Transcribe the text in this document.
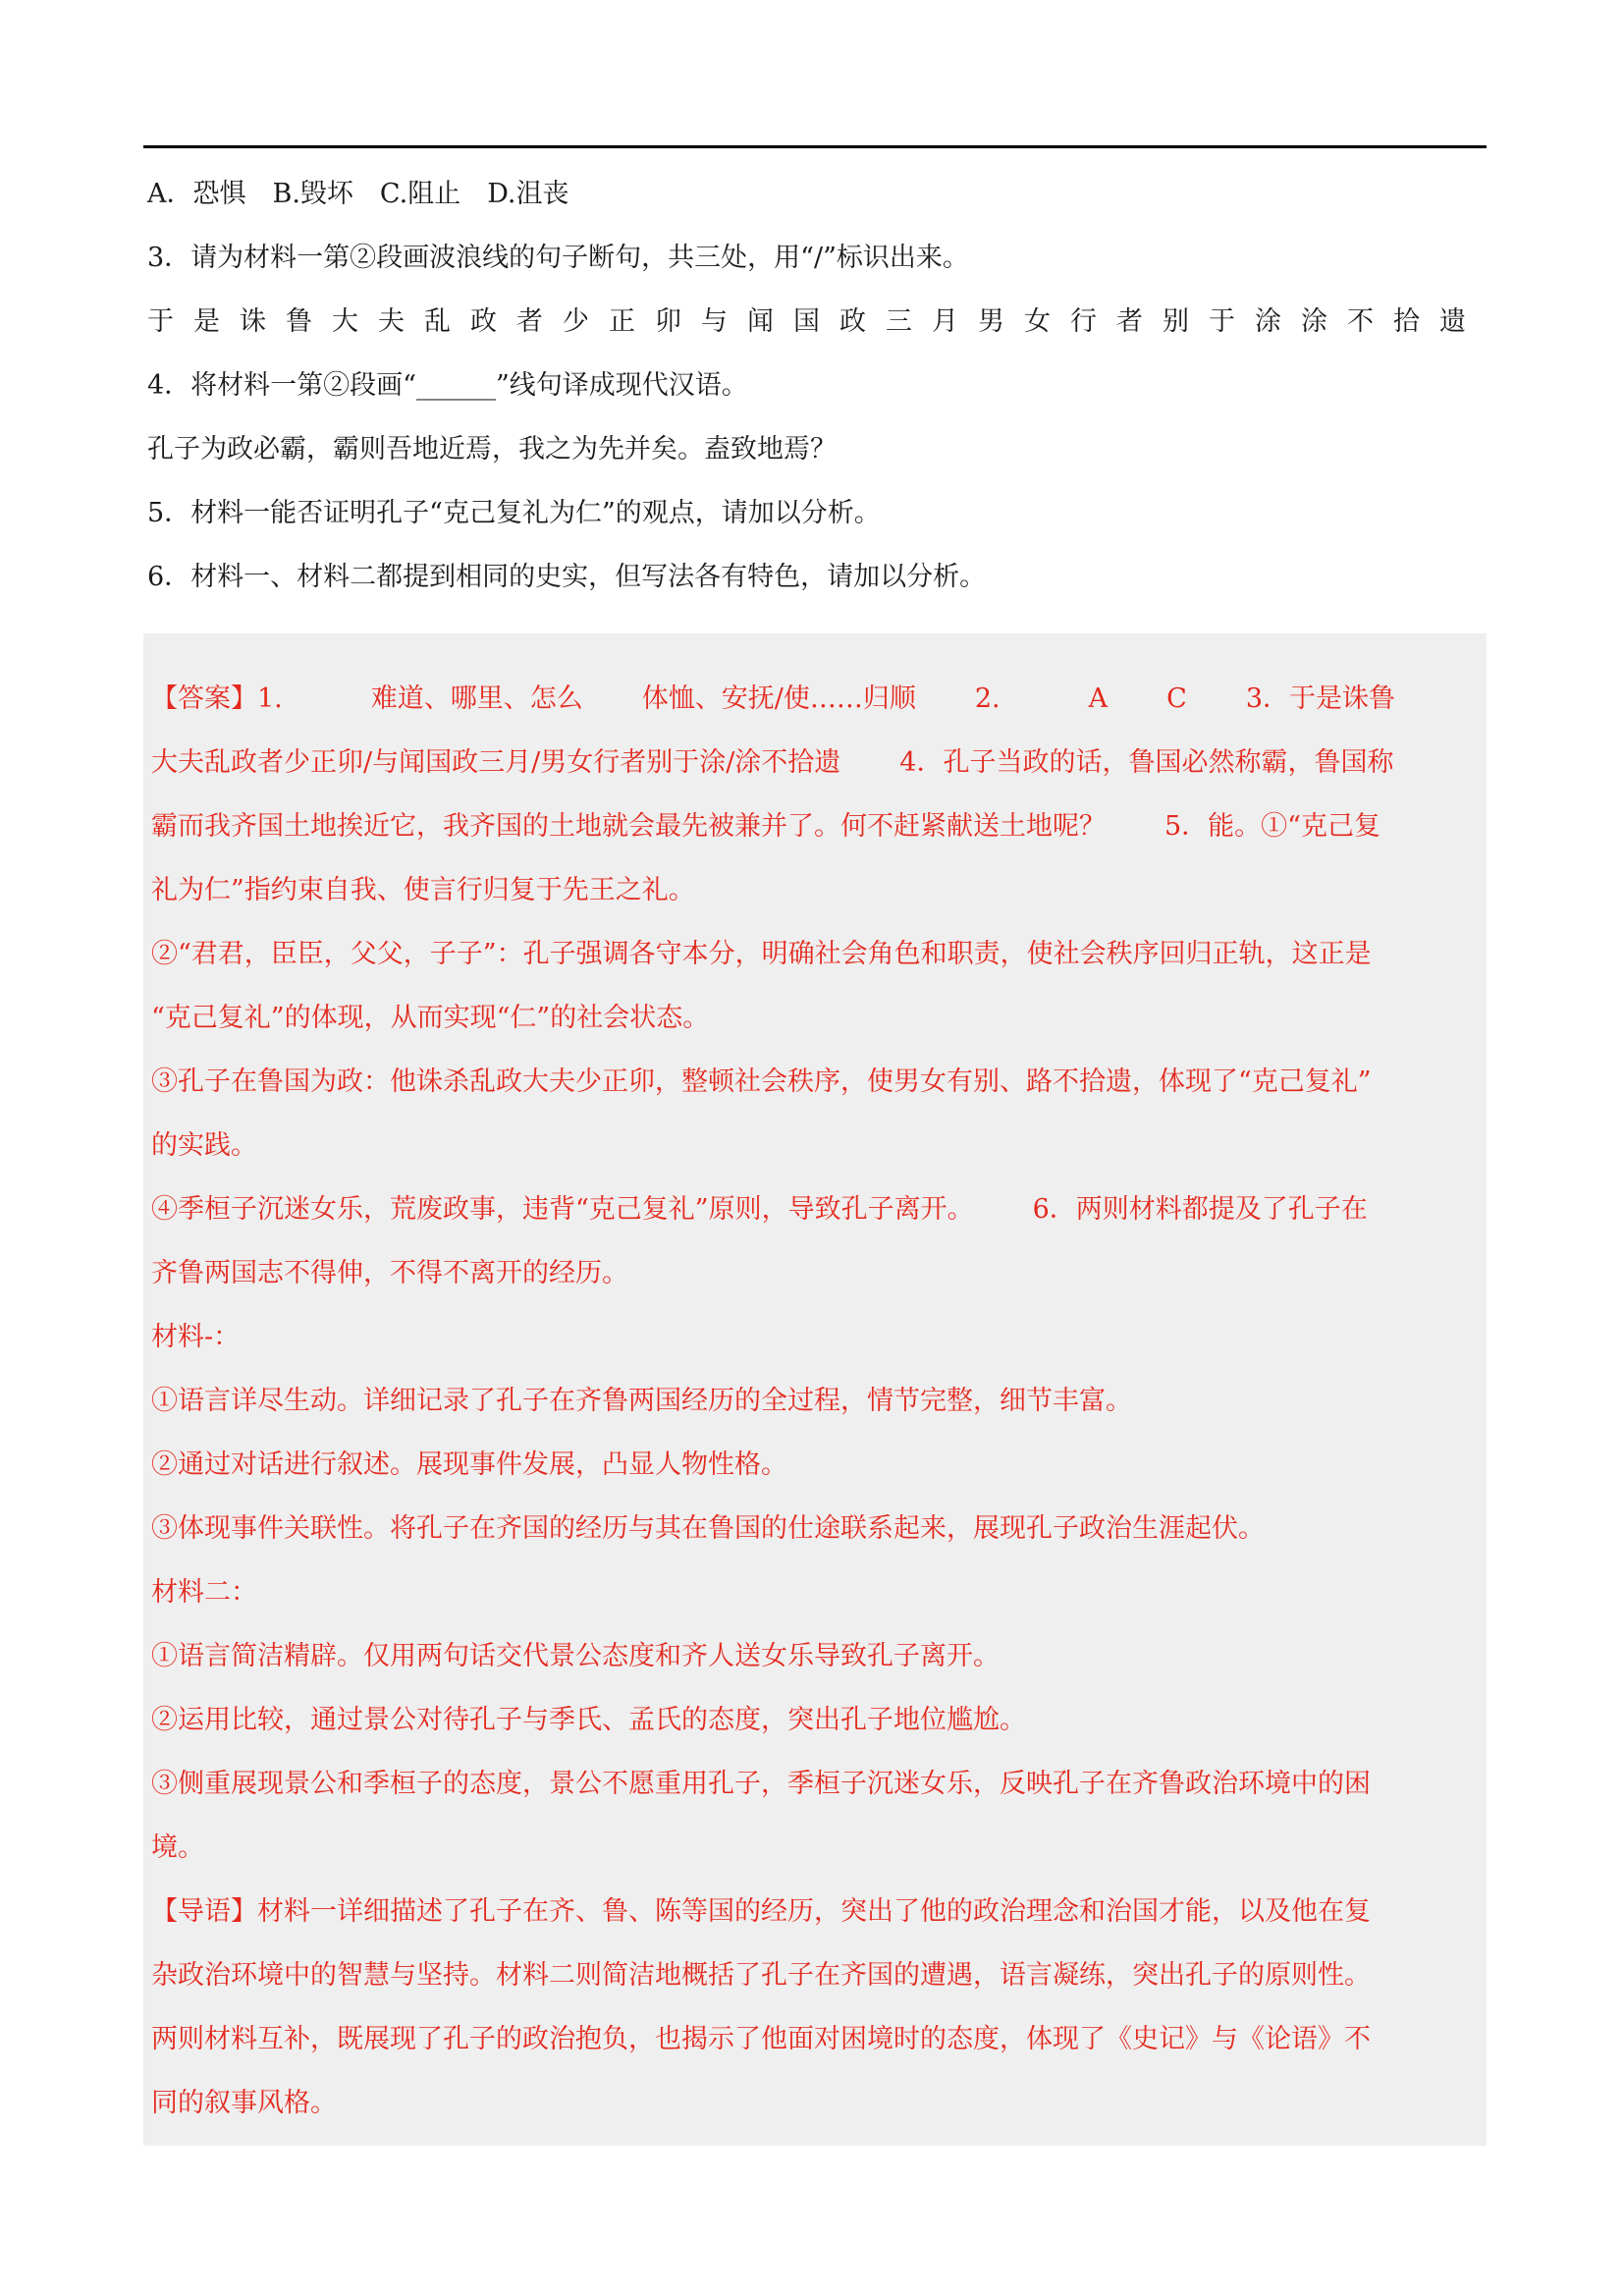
A．恐惧　B.毁坏　C.阻止　D.沮丧
3．请为材料一第②段画波浪线的句子断句，共三处，用“/”标识出来。
于是诛鲁大夫乱政者少正卯与闻国政三月男女行者别于涂涂不拾遗
4．将材料一第②段画“______”线句译成现代汉语。
孔子为政必霸，霸则吾地近焉，我之为先并矣。盍致地焉？
5．材料一能否证明孔子“克己复礼为仁”的观点，请加以分析。
6．材料一、材料二都提到相同的史实，但写法各有特色，请加以分析。

【答案】1.	难道、哪里、怎么 体恤、安抚/使……归顺 2.	A C 3．于是诛鲁

大夫乱政者少正卯/与闻国政三月/男女行者别于涂/涂不拾遗 4．孔子当政的话，鲁国必然称霸，鲁国称

霸而我齐国土地挨近它，我齐国的土地就会最先被兼并了。何不赶紧献送土地呢？ 5．能。①“克己复

礼为仁”指约束自我、使言行归复于先王之礼。

②“君君，臣臣，父父，子子”：孔子强调各守本分，明确社会角色和职责，使社会秩序回归正轨，这正是

“克己复礼”的体现，从而实现“仁”的社会状态。

③孔子在鲁国为政：他诛杀乱政大夫少正卯，整顿社会秩序，使男女有别、路不拾遗，体现了“克己复礼”

的实践。

④季桓子沉迷女乐，荒废政事，违背“克己复礼”原则，导致孔子离开。 6．两则材料都提及了孔子在

齐鲁两国志不得伸，不得不离开的经历。

材料-：

①语言详尽生动。详细记录了孔子在齐鲁两国经历的全过程，情节完整，细节丰富。

②通过对话进行叙述。展现事件发展，凸显人物性格。

③体现事件关联性。将孔子在齐国的经历与其在鲁国的仕途联系起来，展现孔子政治生涯起伏。

材料二：

①语言简洁精辟。仅用两句话交代景公态度和齐人送女乐导致孔子离开。

②运用比较，通过景公对待孔子与季氏、孟氏的态度，突出孔子地位尴尬。

③侧重展现景公和季桓子的态度，景公不愿重用孔子，季桓子沉迷女乐，反映孔子在齐鲁政治环境中的困

境。

【导语】材料一详细描述了孔子在齐、鲁、陈等国的经历，突出了他的政治理念和治国才能，以及他在复

杂政治环境中的智慧与坚持。材料二则简洁地概括了孔子在齐国的遭遇，语言凝练，突出孔子的原则性。

两则材料互补，既展现了孔子的政治抱负，也揭示了他面对困境时的态度，体现了《史记》与《论语》不

同的叙事风格。
